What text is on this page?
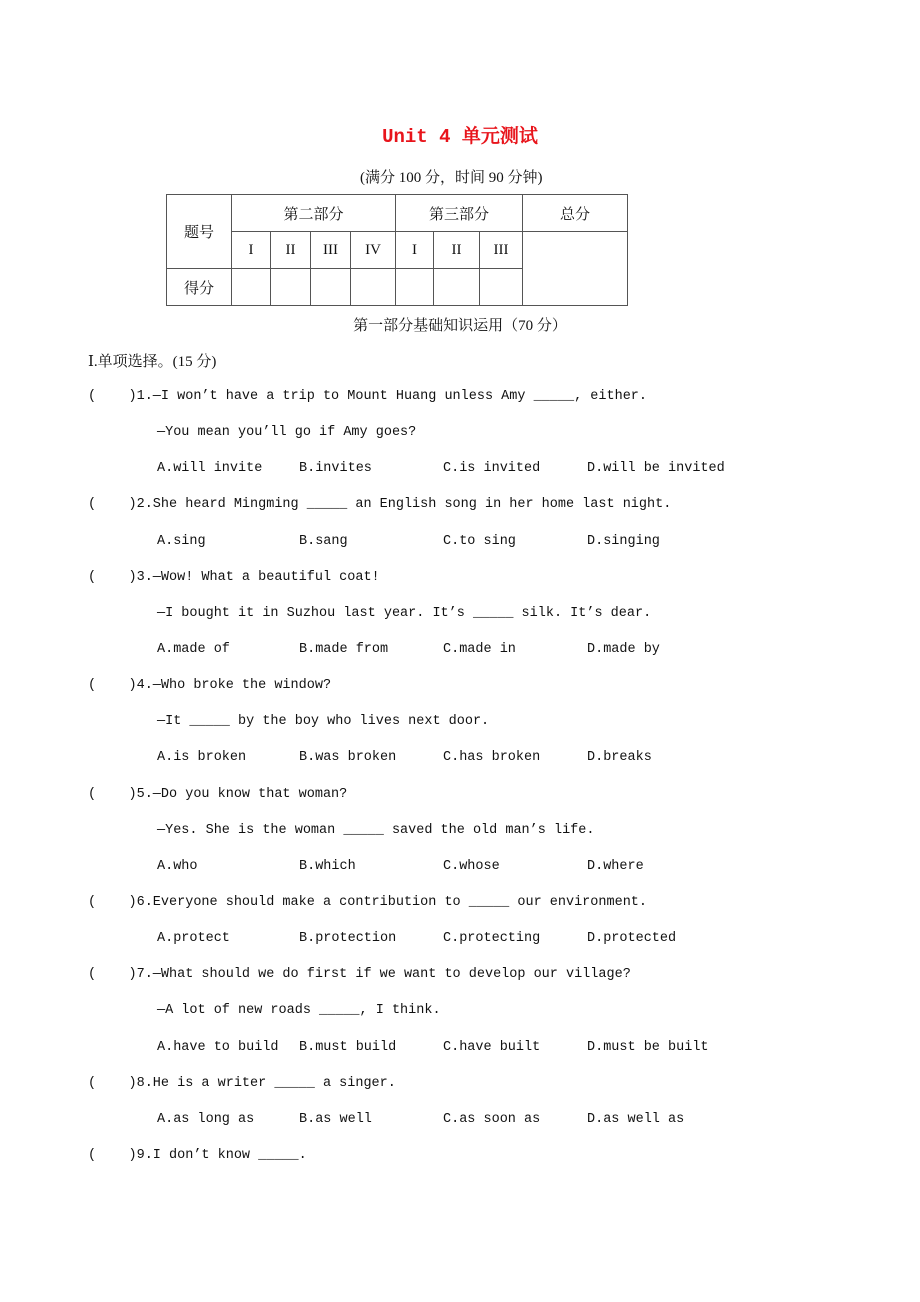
Unit 4 单元测试
(满分 100 分，时间 90 分钟)
题号	第二部分				第三部分			总分
	I	II	III	IV	I	II	III	
得分								
第一部分基础知识运用（70 分）
Ⅰ.单项选择。(15 分)
(    )1.—I won’t have a trip to Mount Huang unless Amy _____, either.
—You mean you’ll go if Amy goes?
A.will invite	B.invites	C.is invited	D.will be invited
(    )2.She heard Mingming _____ an English song in her home last night.
A.sing	B.sang	C.to sing	D.singing
(    )3.—Wow! What a beautiful coat!
—I bought it in Suzhou last year. It’s _____ silk. It’s dear.
A.made of	B.made from	C.made in	D.made by
(    )4.—Who broke the window?
—It _____ by the boy who lives next door.
A.is broken	B.was broken	C.has broken	D.breaks
(    )5.—Do you know that woman?
—Yes. She is the woman _____ saved the old man’s life.
A.who	B.which	C.whose	D.where
(    )6.Everyone should make a contribution to _____ our environment.
A.protect	B.protection	C.protecting	D.protected
(    )7.—What should we do first if we want to develop our village?
—A lot of new roads _____, I think.
A.have to build B.must build	C.have built	D.must be built
(    )8.He is a writer _____ a singer.
A.as long as	B.as well	C.as soon as	D.as well as
(    )9.I don’t know _____.
